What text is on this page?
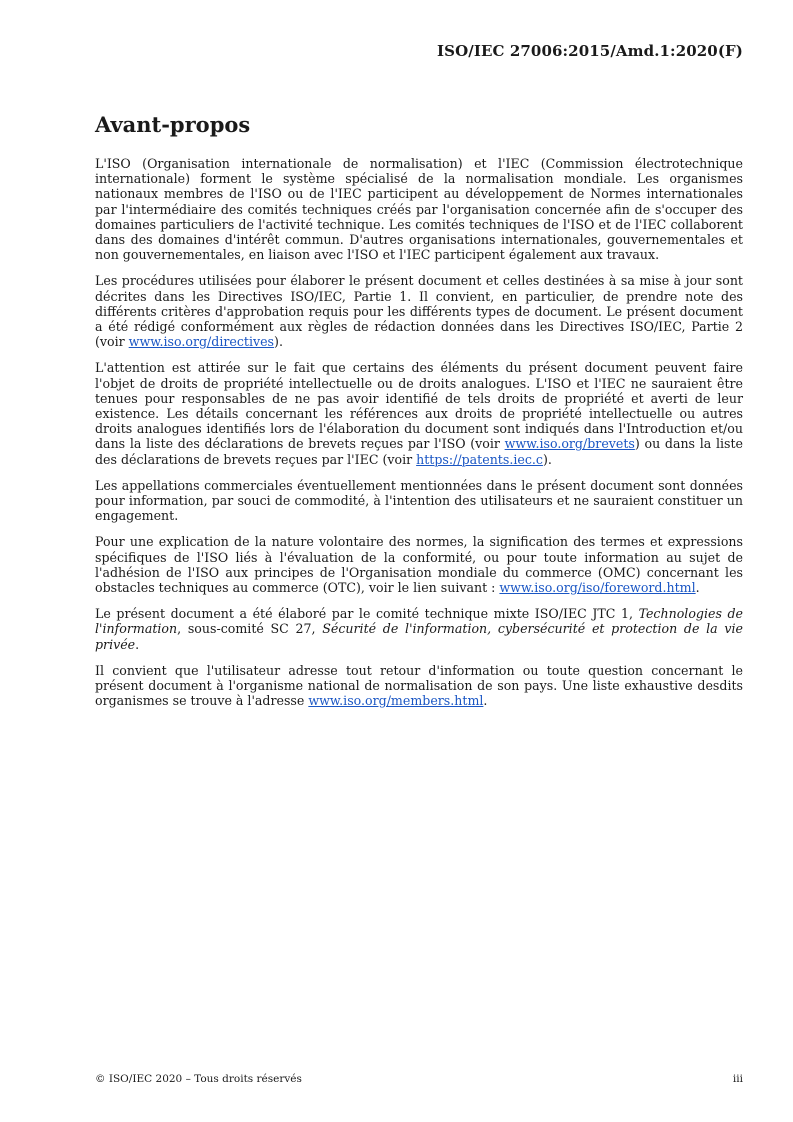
ISO/IEC 27006:2015/Amd.1:2020(F)
Avant-propos

L'ISO (Organisation internationale de normalisation) et l'IEC (Commission électrotechnique internationale) forment le système spécialisé de la normalisation mondiale. Les organismes nationaux membres de l'ISO ou de l'IEC participent au développement de Normes internationales par l'intermédiaire des comités techniques créés par l'organisation concernée afin de s'occuper des domaines particuliers de l'activité technique. Les comités techniques de l'ISO et de l'IEC collaborent dans des domaines d'intérêt commun. D'autres organisations internationales, gouvernementales et non gouvernementales, en liaison avec l'ISO et l'IEC participent également aux travaux.

Les procédures utilisées pour élaborer le présent document et celles destinées à sa mise à jour sont décrites dans les Directives ISO/IEC, Partie 1. Il convient, en particulier, de prendre note des différents critères d'approbation requis pour les différents types de document. Le présent document a été rédigé conformément aux règles de rédaction données dans les Directives ISO/IEC, Partie 2 (voir www.iso.org/directives).

L'attention est attirée sur le fait que certains des éléments du présent document peuvent faire l'objet de droits de propriété intellectuelle ou de droits analogues. L'ISO et l'IEC ne sauraient être tenues pour responsables de ne pas avoir identifié de tels droits de propriété et averti de leur existence. Les détails concernant les références aux droits de propriété intellectuelle ou autres droits analogues identifiés lors de l'élaboration du document sont indiqués dans l'Introduction et/ou dans la liste des déclarations de brevets reçues par l'ISO (voir www.iso.org/brevets) ou dans la liste des déclarations de brevets reçues par l'IEC (voir https://patents.iec.c).

Les appellations commerciales éventuellement mentionnées dans le présent document sont données pour information, par souci de commodité, à l'intention des utilisateurs et ne sauraient constituer un engagement.

Pour une explication de la nature volontaire des normes, la signification des termes et expressions spécifiques de l'ISO liés à l'évaluation de la conformité, ou pour toute information au sujet de l'adhésion de l'ISO aux principes de l'Organisation mondiale du commerce (OMC) concernant les obstacles techniques au commerce (OTC), voir le lien suivant : www.iso.org/iso/foreword.html.

Le présent document a été élaboré par le comité technique mixte ISO/IEC JTC 1, Technologies de l'information, sous-comité SC 27, Sécurité de l'information, cybersécurité et protection de la vie privée.

Il convient que l'utilisateur adresse tout retour d'information ou toute question concernant le présent document à l'organisme national de normalisation de son pays. Une liste exhaustive desdits organismes se trouve à l'adresse www.iso.org/members.html.

© ISO/IEC 2020 – Tous droits réservés	iii
